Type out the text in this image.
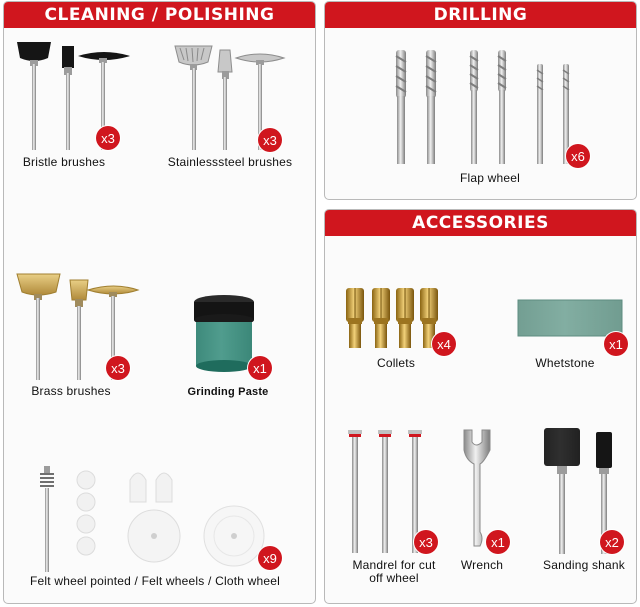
CLEANING / POLISHING
x3
Bristle brushes
x3
Stainlesssteel brushes
x3
Brass brushes
x1
Grinding Paste
x9
Felt wheel pointed / Felt wheels / Cloth wheel
DRILLING
x6
Flap wheel
ACCESSORIES
x4
Collets
x1
Whetstone
x3
Mandrel for cut
off wheel
x1
Wrench
x2
Sanding shank
